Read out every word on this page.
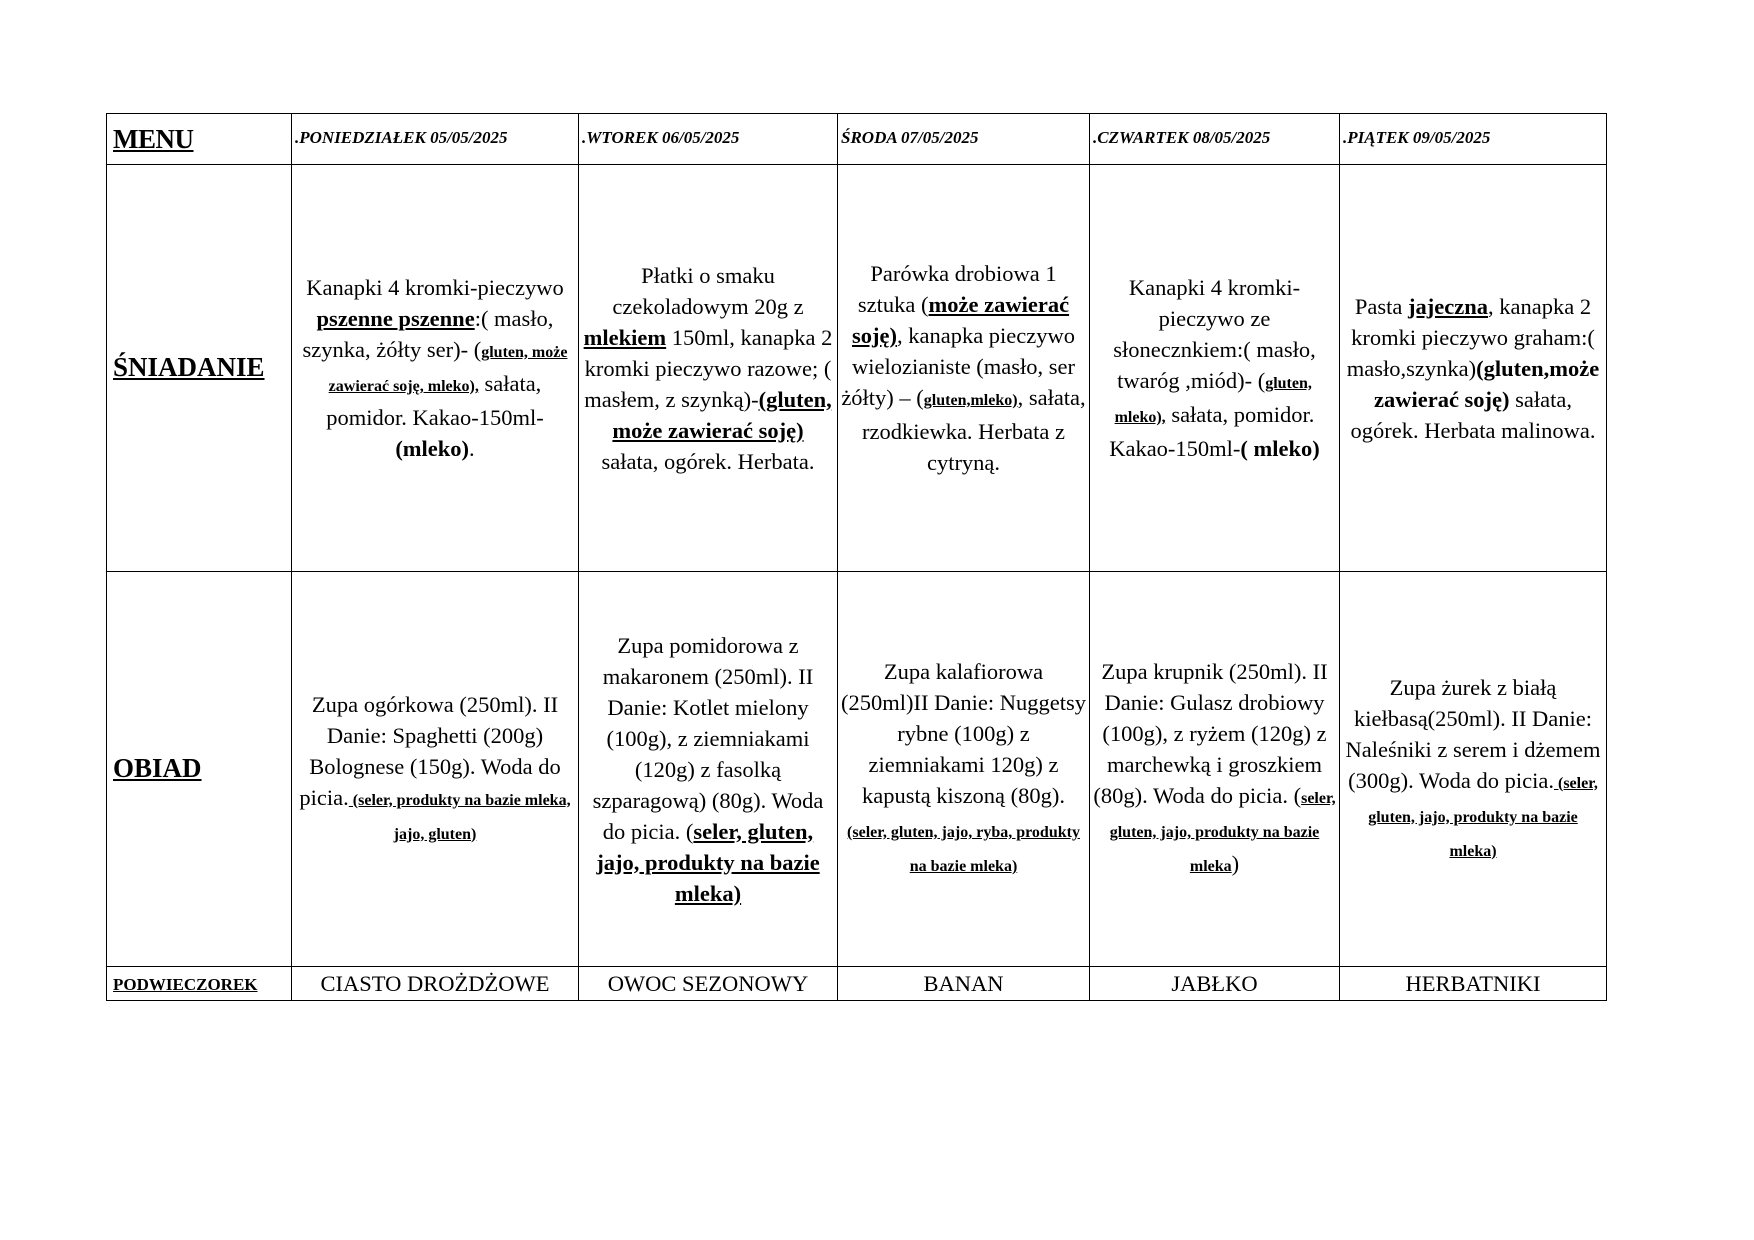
MENU	.PONIEDZIAŁEK 05/05/2025	.WTOREK 06/05/2025	ŚRODA 07/05/2025	.CZWARTEK 08/05/2025	.PIĄTEK 09/05/2025

ŚNIADANIE	Kanapki 4 kromki-pieczywo pszenne pszenne:( masło, szynka, żółty ser)- (gluten, może zawierać soję, mleko), sałata, pomidor. Kakao-150ml-(mleko).	Płatki o smaku czekoladowym 20g z mlekiem 150ml, kanapka 2 kromki pieczywo razowe; ( masłem, z szynką)-(gluten, może zawierać soję) sałata, ogórek. Herbata.	Parówka drobiowa 1 sztuka (może zawierać soję), kanapka pieczywo wielozianiste (masło, ser żółty) – (gluten,mleko), sałata, rzodkiewka. Herbata z cytryną.	Kanapki 4 kromki-pieczywo ze słonecznkiem:( masło, twaróg ,miód)- (gluten, mleko), sałata, pomidor. Kakao-150ml-( mleko)	Pasta jajeczna, kanapka 2 kromki pieczywo graham:( masło,szynka)(gluten,może zawierać soję) sałata, ogórek. Herbata malinowa.
OBIAD	Zupa ogórkowa (250ml). II Danie: Spaghetti (200g) Bolognese (150g). Woda do picia. (seler, produkty na bazie mleka, jajo, gluten)	Zupa pomidorowa z makaronem (250ml). II Danie: Kotlet mielony (100g), z ziemniakami (120g) z fasolką szparagową) (80g). Woda do picia. (seler, gluten, jajo, produkty na bazie mleka)	Zupa kalafiorowa (250ml)II Danie: Nuggetsy rybne (100g) z ziemniakami 120g) z kapustą kiszoną (80g). (seler, gluten, jajo, ryba, produkty na bazie mleka)	Zupa krupnik (250ml). II Danie: Gulasz drobiowy (100g), z ryżem (120g) z marchewką i groszkiem (80g). Woda do picia. (seler, gluten, jajo, produkty na bazie mleka)	Zupa żurek z białą kiełbasą(250ml). II Danie: Naleśniki z serem i dżemem (300g). Woda do picia. (seler, gluten, jajo, produkty na bazie mleka)
PODWIECZOREK	CIASTO DROŻDŻOWE	OWOC SEZONOWY	BANAN	JABŁKO	HERBATNIKI
